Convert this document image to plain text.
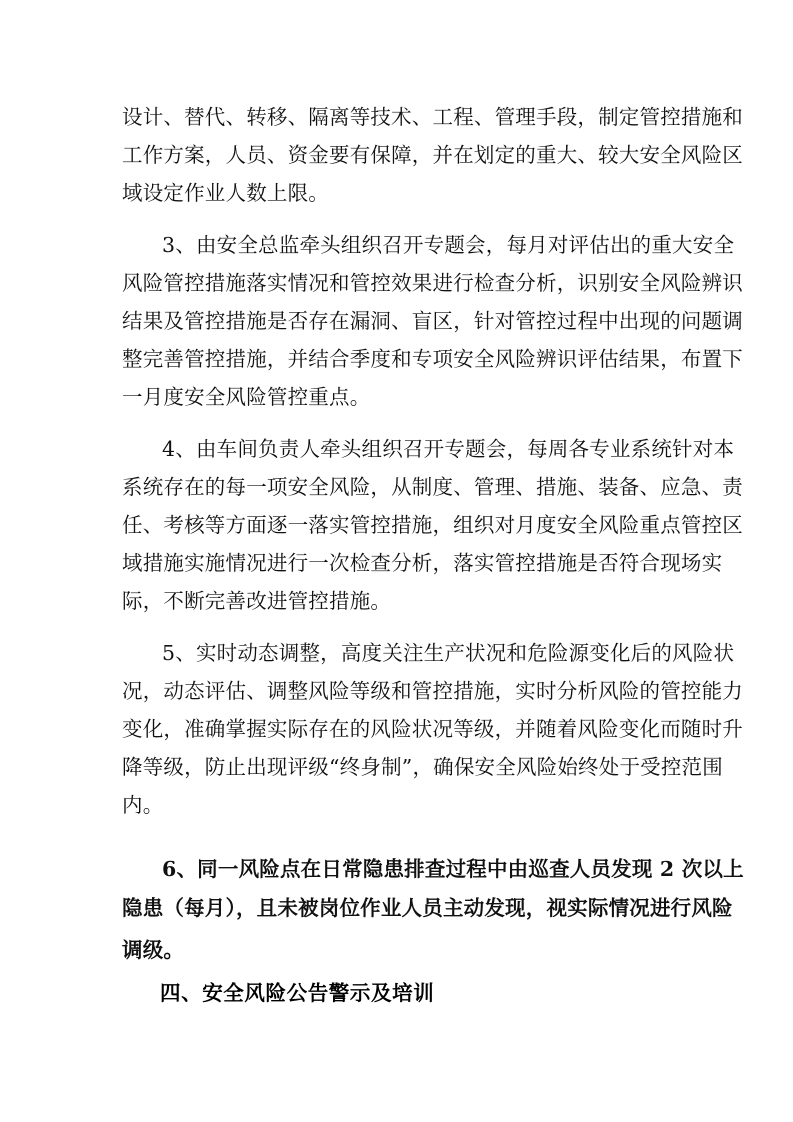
设计、替代、转移、隔离等技术、工程、管理手段，制定管控措施和
工作方案，人员、资金要有保障，并在划定的重大、较大安全风险区
域设定作业人数上限。
3、由安全总监牵头组织召开专题会，每月对评估出的重大安全
风险管控措施落实情况和管控效果进行检查分析，识别安全风险辨识
结果及管控措施是否存在漏洞、盲区，针对管控过程中出现的问题调
整完善管控措施，并结合季度和专项安全风险辨识评估结果，布置下
一月度安全风险管控重点。
4、由车间负责人牵头组织召开专题会，每周各专业系统针对本
系统存在的每一项安全风险，从制度、管理、措施、装备、应急、责
任、考核等方面逐一落实管控措施，组织对月度安全风险重点管控区
域措施实施情况进行一次检查分析，落实管控措施是否符合现场实
际，不断完善改进管控措施。
5、实时动态调整，高度关注生产状况和危险源变化后的风险状
况，动态评估、调整风险等级和管控措施，实时分析风险的管控能力
变化，准确掌握实际存在的风险状况等级，并随着风险变化而随时升
降等级，防止出现评级“终身制”，确保安全风险始终处于受控范围
内。
6、同一风险点在日常隐患排查过程中由巡查人员发现 2 次以上
隐患（每月），且未被岗位作业人员主动发现，视实际情况进行风险
调级。
四、安全风险公告警示及培训
